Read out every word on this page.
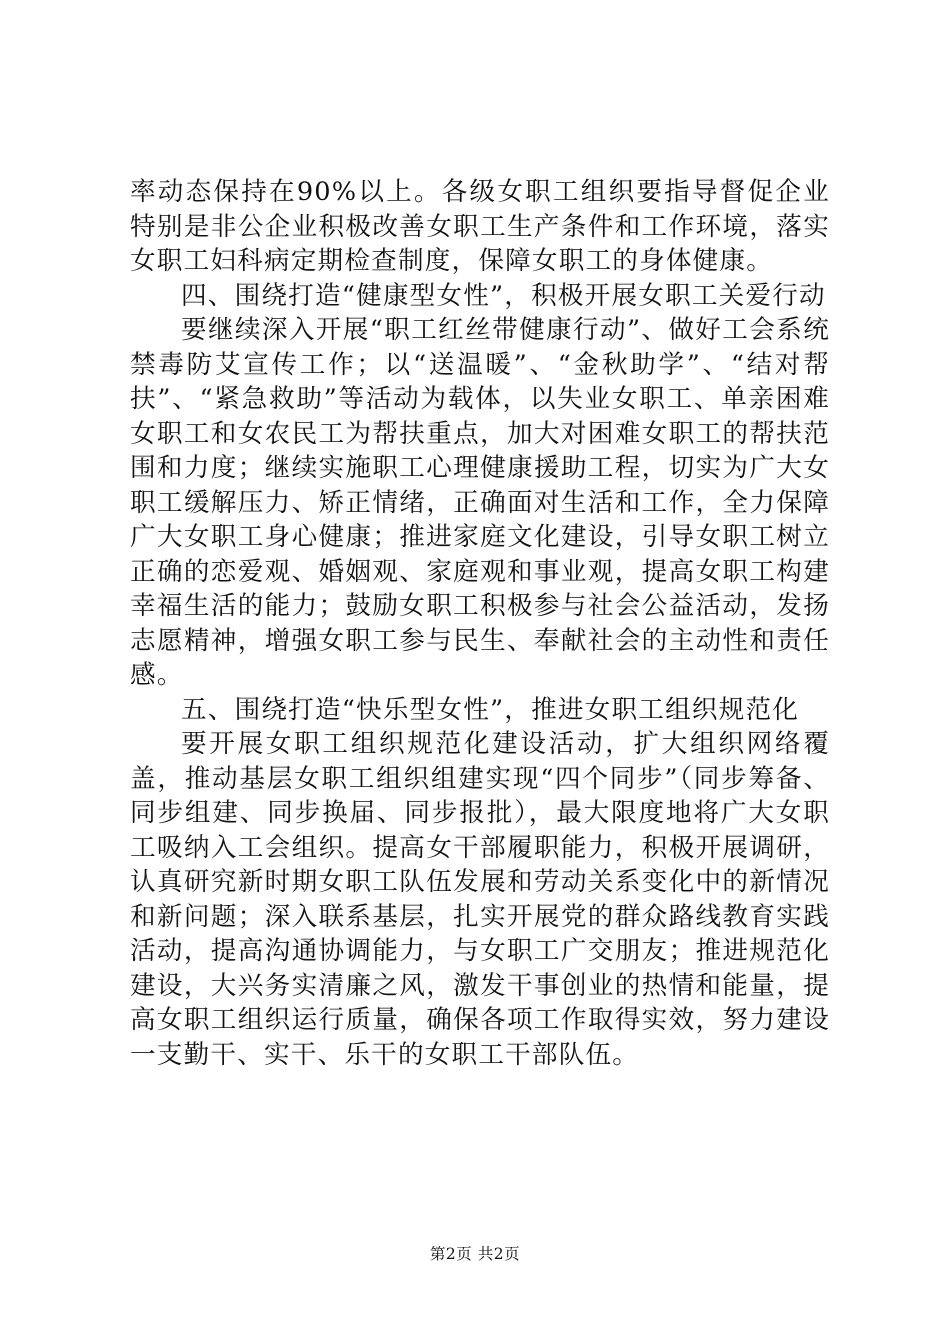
率动态保持在90%以上。各级女职工组织要指导督促企业特别是非公企业积极改善女职工生产条件和工作环境，落实女职工妇科病定期检查制度，保障女职工的身体健康。

四、围绕打造“健康型女性”，积极开展女职工关爱行动

要继续深入开展“职工红丝带健康行动”、做好工会系统禁毒防艾宣传工作；以“送温暖”、“金秋助学”、“结对帮扶”、“紧急救助”等活动为载体，以失业女职工、单亲困难女职工和女农民工为帮扶重点，加大对困难女职工的帮扶范围和力度；继续实施职工心理健康援助工程，切实为广大女职工缓解压力、矫正情绪，正确面对生活和工作，全力保障广大女职工身心健康；推进家庭文化建设，引导女职工树立正确的恋爱观、婚姻观、家庭观和事业观，提高女职工构建幸福生活的能力；鼓励女职工积极参与社会公益活动，发扬志愿精神，增强女职工参与民生、奉献社会的主动性和责任感。

五、围绕打造“快乐型女性”，推进女职工组织规范化

要开展女职工组织规范化建设活动，扩大组织网络覆盖，推动基层女职工组织组建实现“四个同步”（同步筹备、同步组建、同步换届、同步报批），最大限度地将广大女职工吸纳入工会组织。提高女干部履职能力，积极开展调研，认真研究新时期女职工队伍发展和劳动关系变化中的新情况和新问题；深入联系基层，扎实开展党的群众路线教育实践活动，提高沟通协调能力，与女职工广交朋友；推进规范化建设，大兴务实清廉之风，激发干事创业的热情和能量，提高女职工组织运行质量，确保各项工作取得实效，努力建设一支勤干、实干、乐干的女职工干部队伍。

第2页 共2页
